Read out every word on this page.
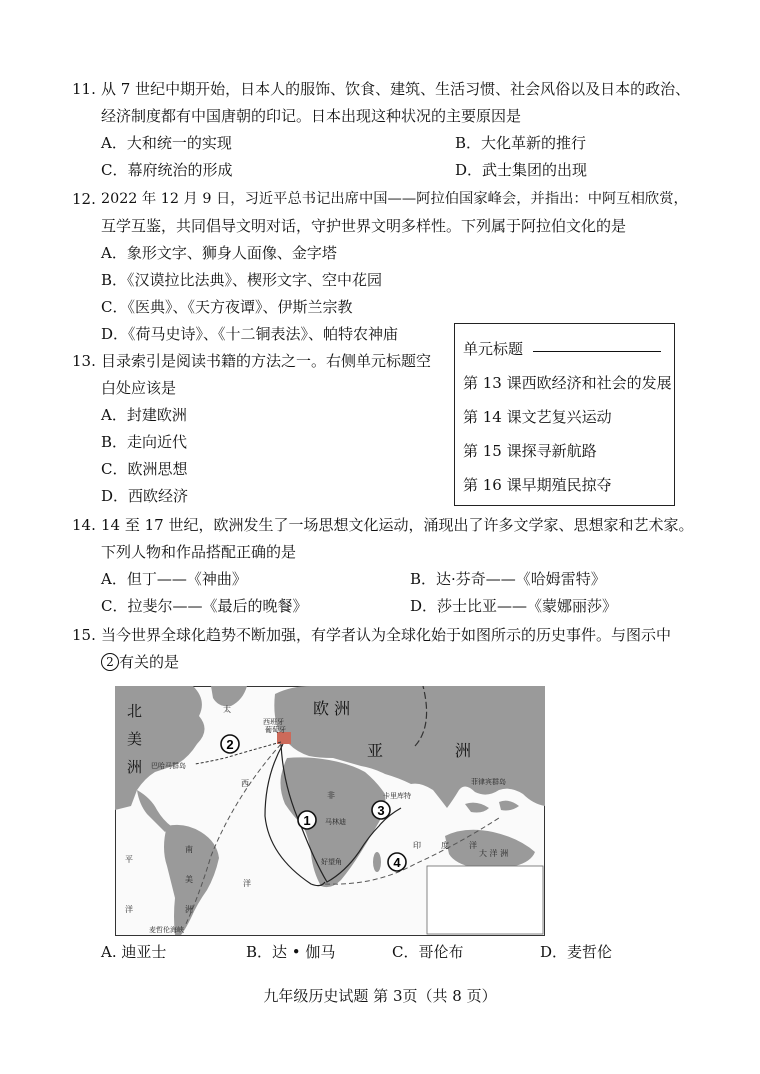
11. 从 7 世纪中期开始，日本人的服饰、饮食、建筑、生活习惯、社会风俗以及日本的政治、
经济制度都有中国唐朝的印记。日本出现这种状况的主要原因是
A．大和统一的实现	B．大化革新的推行
C．幕府统治的形成	D．武士集团的出现
12. 2022 年 12 月 9 日，习近平总书记出席中国——阿拉伯国家峰会，并指出：中阿互相欣赏，
互学互鉴，共同倡导文明对话，守护世界文明多样性。下列属于阿拉伯文化的是
A．象形文字、狮身人面像、金字塔
B．《汉谟拉比法典》、楔形文字、空中花园
C．《医典》、《天方夜谭》、伊斯兰宗教
D．《荷马史诗》、《十二铜表法》、帕特农神庙
13. 目录索引是阅读书籍的方法之一。右侧单元标题空
白处应该是
A．封建欧洲
B．走向近代
C．欧洲思想
D．西欧经济
单元标题
第 13 课西欧经济和社会的发展
第 14 课文艺复兴运动
第 15 课探寻新航路
第 16 课早期殖民掠夺
14. 14 至 17 世纪，欧洲发生了一场思想文化运动，涌现出了许多文学家、思想家和艺术家。
下列人物和作品搭配正确的是
A．但丁——《神曲》	B．达·芬奇——《哈姆雷特》
C．拉斐尔——《最后的晚餐》	D．莎士比亚——《蒙娜丽莎》
15. 当今世界全球化趋势不断加强，有学者认为全球化始于如图所示的历史事件。与图示中
2 有关的是
1
2
3
4
北
美
洲
欧 洲
亚	洲
非
南
美
洲
太
平
洋
西
洋
印	度	洋
大 洋 洲
西班牙
葡萄牙
巴哈马群岛
卡里库特
马林迪
好望角
菲律宾群岛
麦哲伦海峡
A. 迪亚士	B．达 • 伽马	C．哥伦布	D．麦哲伦
九年级历史试题 第 3页（共 8 页）
